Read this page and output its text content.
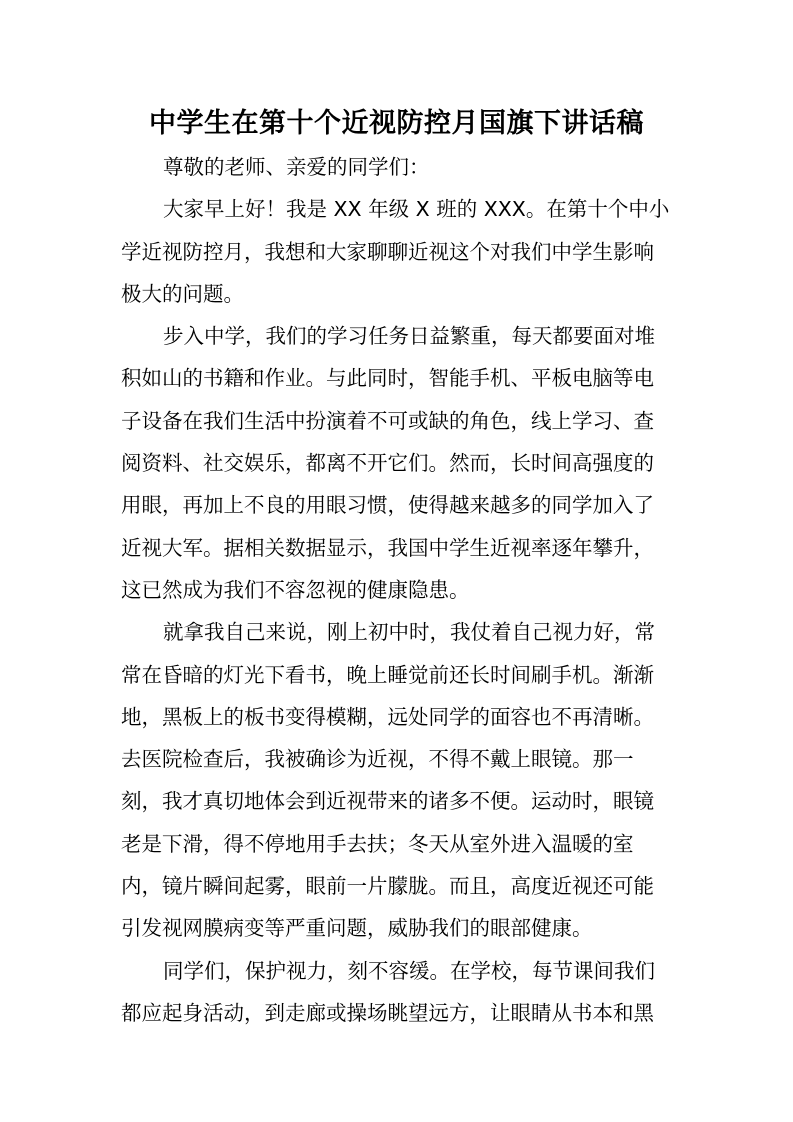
中学生在第十个近视防控月国旗下讲话稿
尊敬的老师、亲爱的同学们：
大家早上好！我是 XX 年级 X 班的 XXX。在第十个中小
学近视防控月，我想和大家聊聊近视这个对我们中学生影响
极大的问题。
步入中学，我们的学习任务日益繁重，每天都要面对堆
积如山的书籍和作业。与此同时，智能手机、平板电脑等电
子设备在我们生活中扮演着不可或缺的角色，线上学习、查
阅资料、社交娱乐，都离不开它们。然而，长时间高强度的
用眼，再加上不良的用眼习惯，使得越来越多的同学加入了
近视大军。据相关数据显示，我国中学生近视率逐年攀升，
这已然成为我们不容忽视的健康隐患。
就拿我自己来说，刚上初中时，我仗着自己视力好，常
常在昏暗的灯光下看书，晚上睡觉前还长时间刷手机。渐渐
地，黑板上的板书变得模糊，远处同学的面容也不再清晰。
去医院检查后，我被确诊为近视，不得不戴上眼镜。那一
刻，我才真切地体会到近视带来的诸多不便。运动时，眼镜
老是下滑，得不停地用手去扶；冬天从室外进入温暖的室
内，镜片瞬间起雾，眼前一片朦胧。而且，高度近视还可能
引发视网膜病变等严重问题，威胁我们的眼部健康。
同学们，保护视力，刻不容缓。在学校，每节课间我们
都应起身活动，到走廊或操场眺望远方，让眼睛从书本和黑
